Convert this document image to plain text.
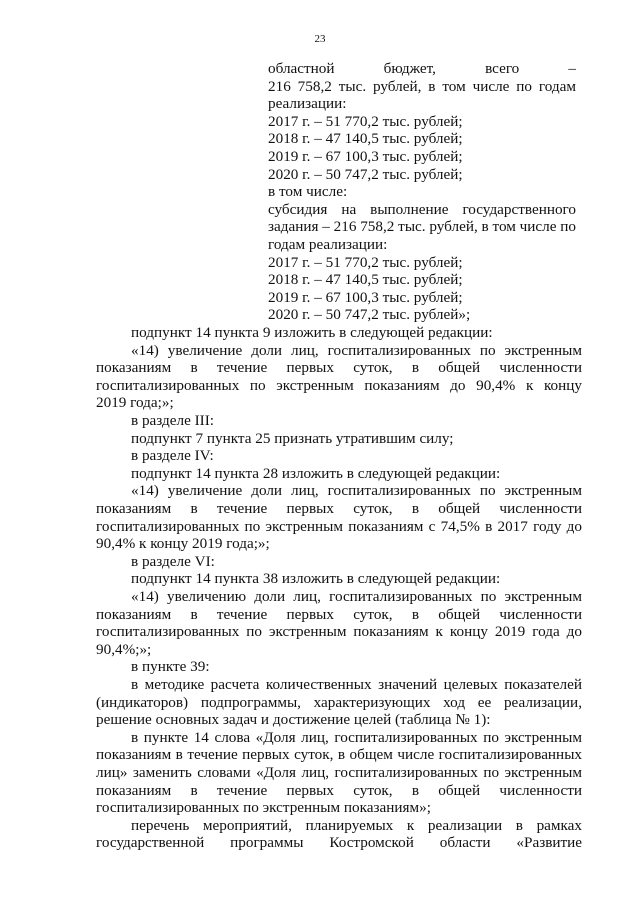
23
областной бюджет, всего –
216 758,2 тыс. рублей, в том числе по годам
реализации:
2017 г. – 51 770,2 тыс. рублей;
2018 г. – 47 140,5 тыс. рублей;
2019 г. – 67 100,3 тыс. рублей;
2020 г. – 50 747,2 тыс. рублей;
в том числе:
субсидия на выполнение государственного
задания – 216 758,2 тыс. рублей, в том числе по
годам реализации:
2017 г. – 51 770,2 тыс. рублей;
2018 г. – 47 140,5 тыс. рублей;
2019 г. – 67 100,3 тыс. рублей;
2020 г. – 50 747,2 тыс. рублей»;
подпункт 14 пункта 9 изложить в следующей редакции:
«14) увеличение доли лиц, госпитализированных по экстренным
показаниям в течение первых суток, в общей численности
госпитализированных по экстренным показаниям до 90,4% к концу
2019 года;»;
в разделе III:
подпункт 7 пункта 25 признать утратившим силу;
в разделе IV:
подпункт 14 пункта 28 изложить в следующей редакции:
«14) увеличение доли лиц, госпитализированных по экстренным
показаниям в течение первых суток, в общей численности
госпитализированных по экстренным показаниям с 74,5% в 2017 году до
90,4% к концу 2019 года;»;
в разделе VI:
подпункт 14 пункта 38 изложить в следующей редакции:
«14) увеличению доли лиц, госпитализированных по экстренным
показаниям в течение первых суток, в общей численности
госпитализированных по экстренным показаниям к концу 2019 года до
90,4%;»;
в пункте 39:
в методике расчета количественных значений целевых показателей
(индикаторов) подпрограммы, характеризующих ход ее реализации,
решение основных задач и достижение целей (таблица № 1):
в пункте 14 слова «Доля лиц, госпитализированных по экстренным
показаниям в течение первых суток, в общем числе госпитализированных
лиц» заменить словами «Доля лиц, госпитализированных по экстренным
показаниям в течение первых суток, в общей численности
госпитализированных по экстренным показаниям»;
перечень мероприятий, планируемых к реализации в рамках
государственной программы Костромской области «Развитие
